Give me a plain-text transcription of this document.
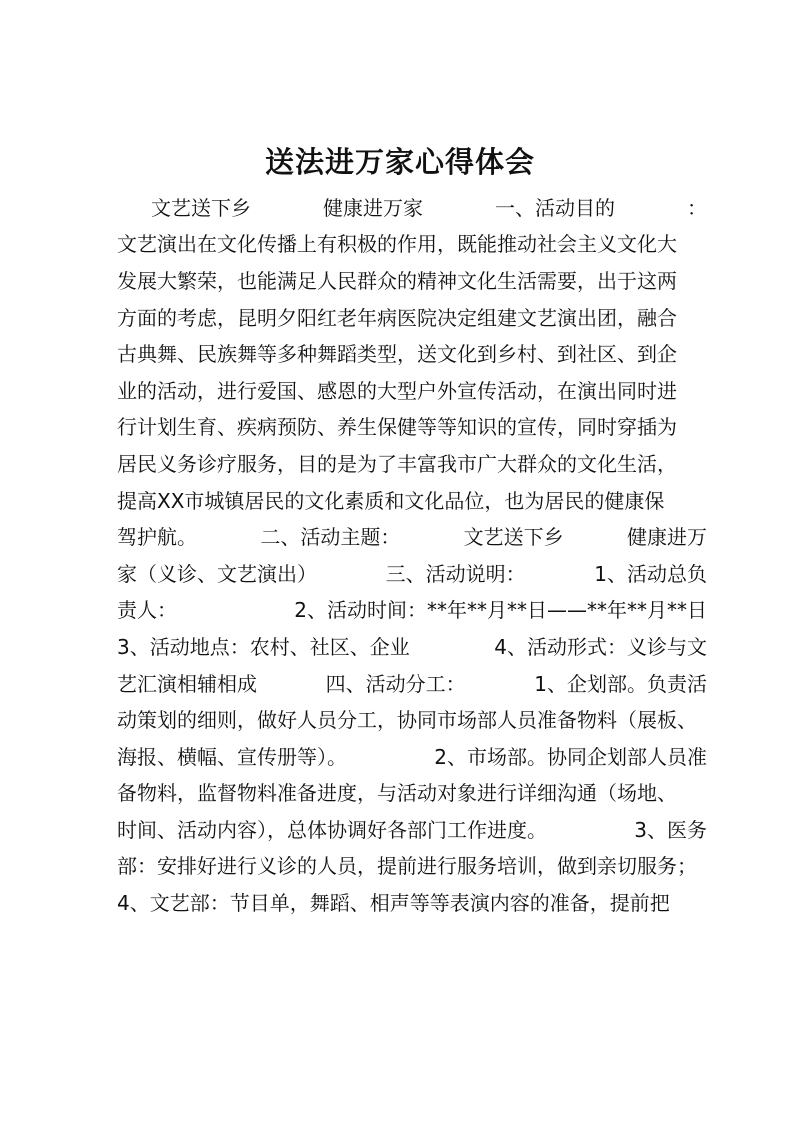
送法进万家心得体会
文艺送下乡	健康进万家	一、活动目的	：
文艺演出在文化传播上有积极的作用，既能推动社会主义文化大
发展大繁荣，也能满足人民群众的精神文化生活需要，出于这两
方面的考虑，昆明夕阳红老年病医院决定组建文艺演出团，融合
古典舞、民族舞等多种舞蹈类型，送文化到乡村、到社区、到企
业的活动，进行爱国、感恩的大型户外宣传活动，在演出同时进
行计划生育、疾病预防、养生保健等等知识的宣传，同时穿插为
居民义务诊疗服务，目的是为了丰富我市广大群众的文化生活，
提高XX市城镇居民的文化素质和文化品位，也为居民的健康保
驾护航。	二、活动主题：	文艺送下乡	健康进万
家（义诊、文艺演出）	三、活动说明：	1、活动总负
责人：	2、活动时间：**年**月**日——**年**月**日
3、活动地点：农村、社区、企业	4、活动形式：义诊与文
艺汇演相辅相成	四、活动分工：	1、企划部。负责活
动策划的细则，做好人员分工，协同市场部人员准备物料（展板、
海报、横幅、宣传册等）。	2、市场部。协同企划部人员准
备物料，监督物料准备进度，与活动对象进行详细沟通（场地、
时间、活动内容），总体协调好各部门工作进度。	3、医务
部：安排好进行义诊的人员，提前进行服务培训，做到亲切服务；
4、文艺部：节目单，舞蹈、相声等等表演内容的准备，提前把
